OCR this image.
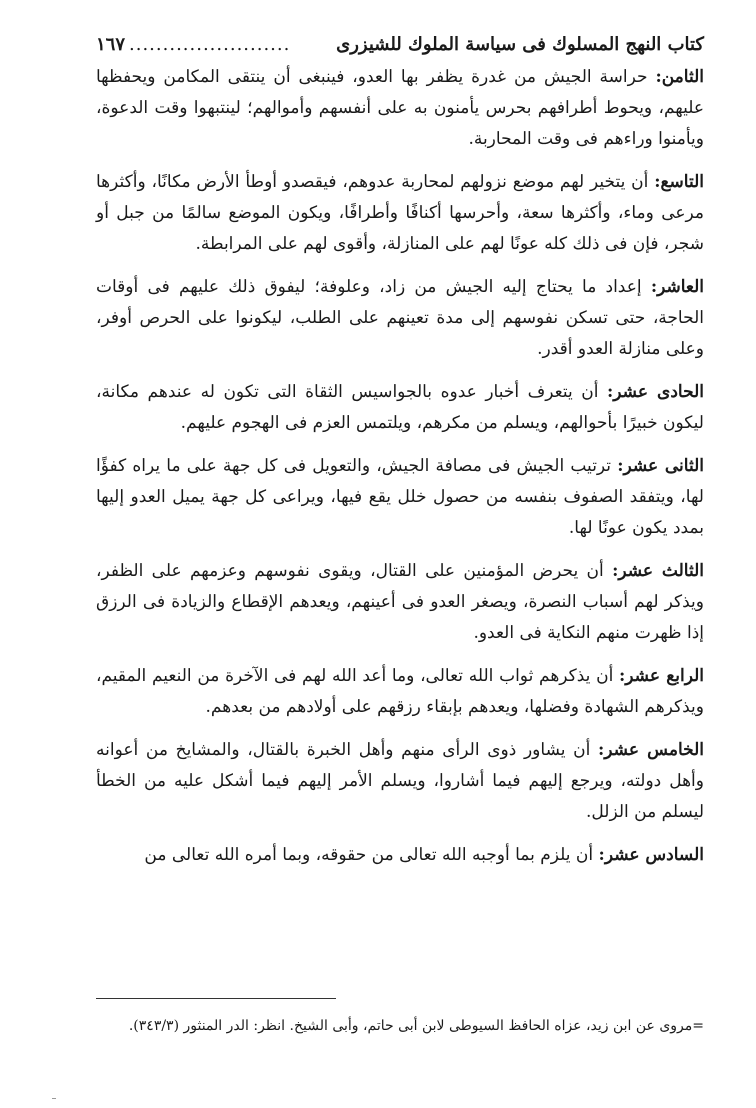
كتاب النهج المسلوك فى سياسة الملوك للشيزرى
........................
١٦٧

الثامن: حراسة الجيش من غدرة يظفر بها العدو، فينبغى أن ينتقى المكامن ويحفظها عليهم، ويحوط أطرافهم بحرس يأمنون به على أنفسهم وأموالهم؛ لينتبهوا وقت الدعوة، ويأمنوا وراءهم فى وقت المحاربة.

التاسع: أن يتخير لهم موضع نزولهم لمحاربة عدوهم، فيقصدو أوطأ الأرض مكانًا، وأكثرها مرعى وماء، وأكثرها سعة، وأحرسها أكنافًا وأطرافًا، ويكون الموضع سالمًا من جبل أو شجر، فإن فى ذلك كله عونًا لهم على المنازلة، وأقوى لهم على المرابطة.

العاشر: إعداد ما يحتاج إليه الجيش من زاد، وعلوفة؛ ليفوق ذلك عليهم فى أوقات الحاجة، حتى تسكن نفوسهم إلى مدة تعينهم على الطلب، ليكونوا على الحرص أوفر، وعلى منازلة العدو أقدر.

الحادى عشر: أن يتعرف أخبار عدوه بالجواسيس الثقاة التى تكون له عندهم مكانة، ليكون خبيرًا بأحوالهم، ويسلم من مكرهم، ويلتمس العزم فى الهجوم عليهم.

الثانى عشر: ترتيب الجيش فى مصافة الجيش، والتعويل فى كل جهة على ما يراه كفؤًا لها، ويتفقد الصفوف بنفسه من حصول خلل يقع فيها، ويراعى كل جهة يميل العدو إليها بمدد يكون عونًا لها.

الثالث عشر: أن يحرض المؤمنين على القتال، ويقوى نفوسهم وعزمهم على الظفر، ويذكر لهم أسباب النصرة، ويصغر العدو فى أعينهم، ويعدهم الإقطاع والزيادة فى الرزق إذا ظهرت منهم النكاية فى العدو.

الرابع عشر: أن يذكرهم ثواب الله تعالى، وما أعد الله لهم فى الآخرة من النعيم المقيم، ويذكرهم الشهادة وفضلها، ويعدهم بإبقاء رزقهم على أولادهم من بعدهم.

الخامس عشر: أن يشاور ذوى الرأى منهم وأهل الخبرة بالقتال، والمشايخ من أعوانه وأهل دولته، ويرجع إليهم فيما أشاروا، ويسلم الأمر إليهم فيما أشكل عليه من الخطأ ليسلم من الزلل.

السادس عشر: أن يلزم بما أوجبه الله تعالى من حقوقه، وبما أمره الله تعالى من

=مروى عن ابن زيد، عزاه الحافظ السيوطى لابن أبى حاتم، وأبى الشيخ. انظر: الدر المنثور (٣٤٣/٣).
